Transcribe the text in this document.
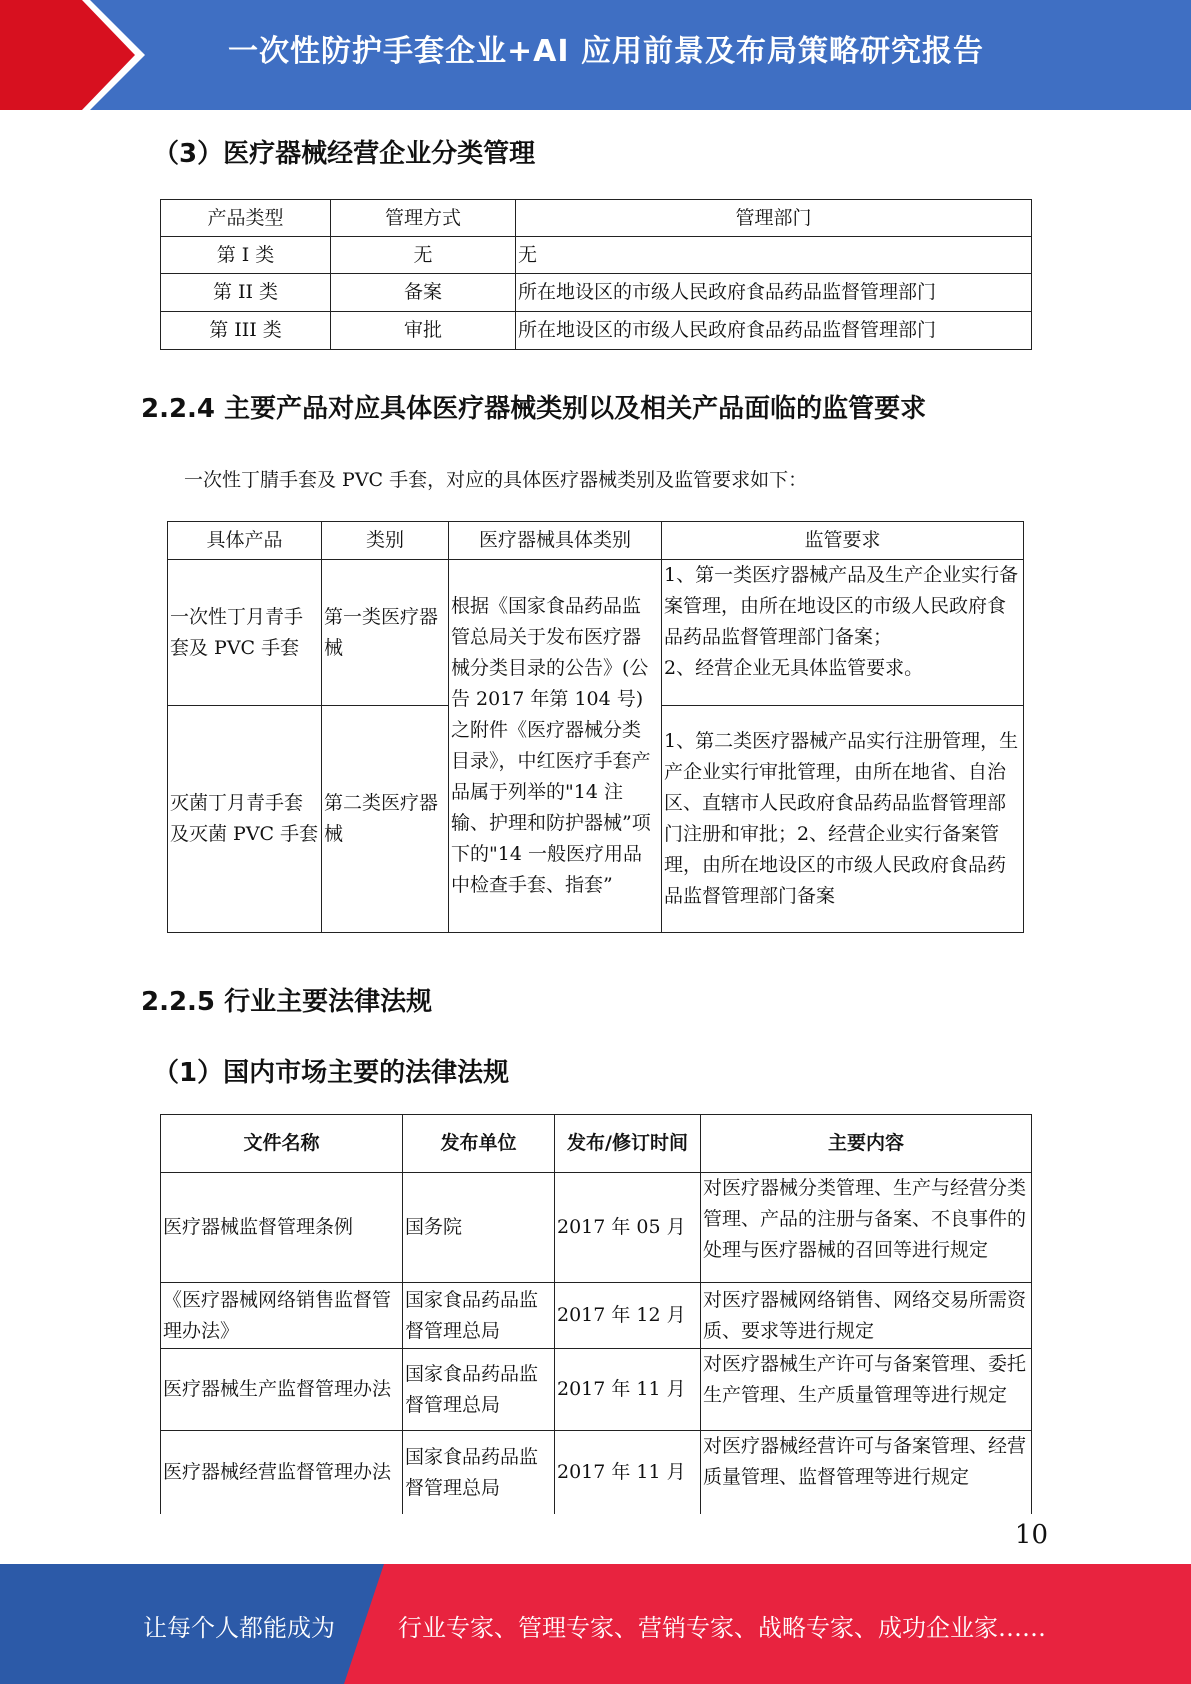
一次性防护手套企业+AI 应用前景及布局策略研究报告
（3）医疗器械经营企业分类管理
产品类型	管理方式	管理部门
第 I 类	无	无
第 II 类	备案	所在地设区的市级人民政府食品药品监督管理部门
第 III 类	审批	所在地设区的市级人民政府食品药品监督管理部门
2.2.4 主要产品对应具体医疗器械类别以及相关产品面临的监管要求
一次性丁腈手套及 PVC 手套，对应的具体医疗器械类别及监管要求如下：
具体产品	类别	医疗器械具体类别	监管要求
一次性丁月青手套及 PVC 手套	第一类医疗器械	根据《国家食品药品监管总局关于发布医疗器械分类目录的公告》(公告 2017 年第 104 号)之附件《医疗器械分类目录》，中红医疗手套产品属于列举的"14 注输、护理和防护器械”项下的"14 一般医疗用品中检查手套、指套”	1、第一类医疗器械产品及生产企业实行备案管理，由所在地设区的市级人民政府食品药品监督管理部门备案；
2、经营企业无具体监管要求。
灭菌丁月青手套及灭菌 PVC 手套	第二类医疗器械		1、第二类医疗器械产品实行注册管理，生产企业实行审批管理，由所在地省、自治区、直辖市人民政府食品药品监督管理部门注册和审批；2、经营企业实行备案管理，由所在地设区的市级人民政府食品药品监督管理部门备案
2.2.5 行业主要法律法规
（1）国内市场主要的法律法规
文件名称	发布单位	发布/修订时间	主要内容
医疗器械监督管理条例	国务院	2017 年 05 月	对医疗器械分类管理、生产与经营分类管理、产品的注册与备案、不良事件的处理与医疗器械的召回等进行规定

《医疗器械网络销售监督管理办法》	国家食品药品监督管理总局	2017 年 12 月	对医疗器械网络销售、网络交易所需资质、要求等进行规定
医疗器械生产监督管理办法	国家食品药品监督管理总局	2017 年 11 月	对医疗器械生产许可与备案管理、委托生产管理、生产质量管理等进行规定

医疗器械经营监督管理办法	国家食品药品监督管理总局	2017 年 11 月	对医疗器械经营许可与备案管理、经营质量管理、监督管理等进行规定
10
让每个人都能成为	行业专家、管理专家、营销专家、战略专家、成功企业家……
